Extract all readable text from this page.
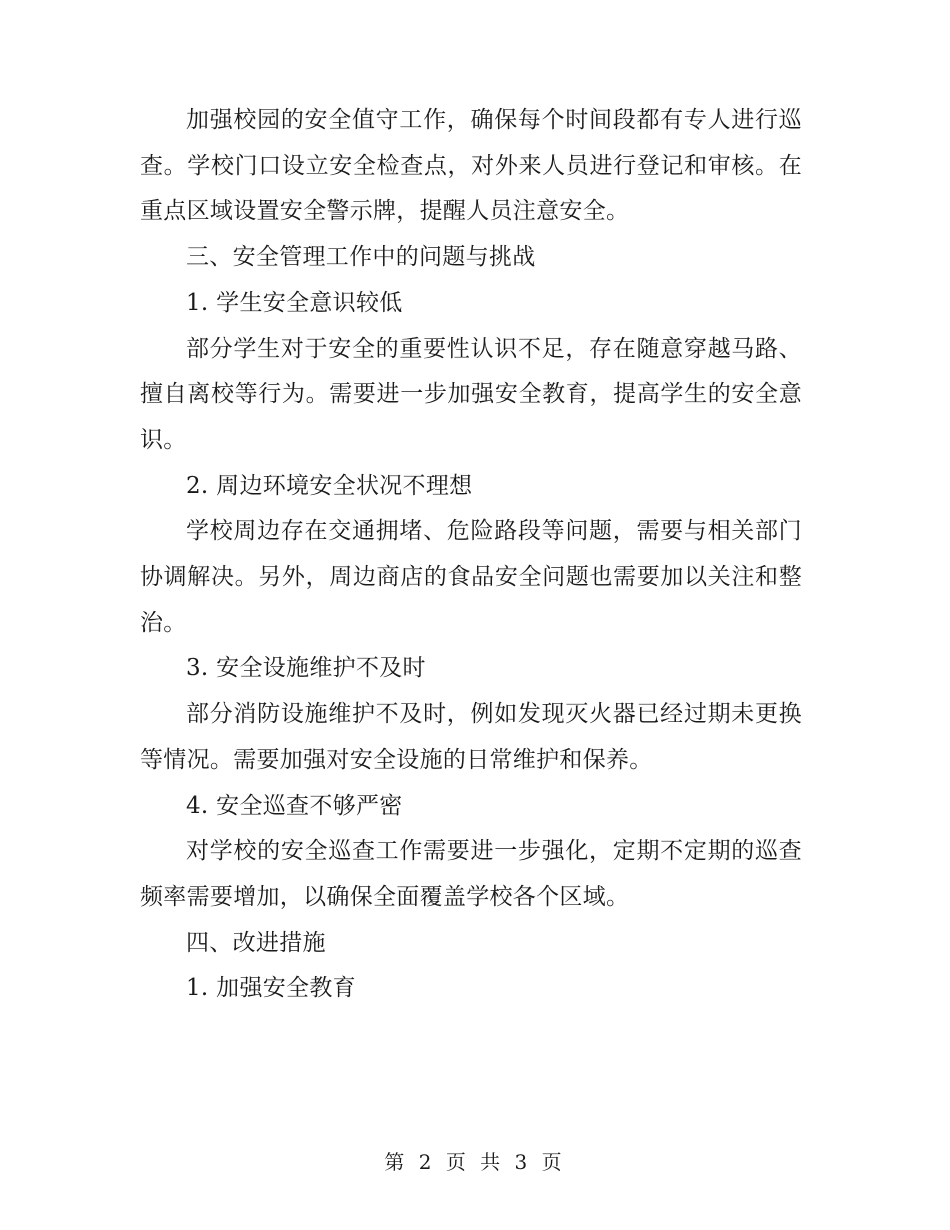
加强校园的安全值守工作，确保每个时间段都有专人进行巡查。学校门口设立安全检查点，对外来人员进行登记和审核。在重点区域设置安全警示牌，提醒人员注意安全。

三、安全管理工作中的问题与挑战

1. 学生安全意识较低

部分学生对于安全的重要性认识不足，存在随意穿越马路、擅自离校等行为。需要进一步加强安全教育，提高学生的安全意识。

2. 周边环境安全状况不理想

学校周边存在交通拥堵、危险路段等问题，需要与相关部门协调解决。另外，周边商店的食品安全问题也需要加以关注和整治。

3. 安全设施维护不及时

部分消防设施维护不及时，例如发现灭火器已经过期未更换等情况。需要加强对安全设施的日常维护和保养。

4. 安全巡查不够严密

对学校的安全巡查工作需要进一步强化，定期不定期的巡查频率需要增加，以确保全面覆盖学校各个区域。

四、改进措施

1. 加强安全教育

第 2 页 共 3 页
